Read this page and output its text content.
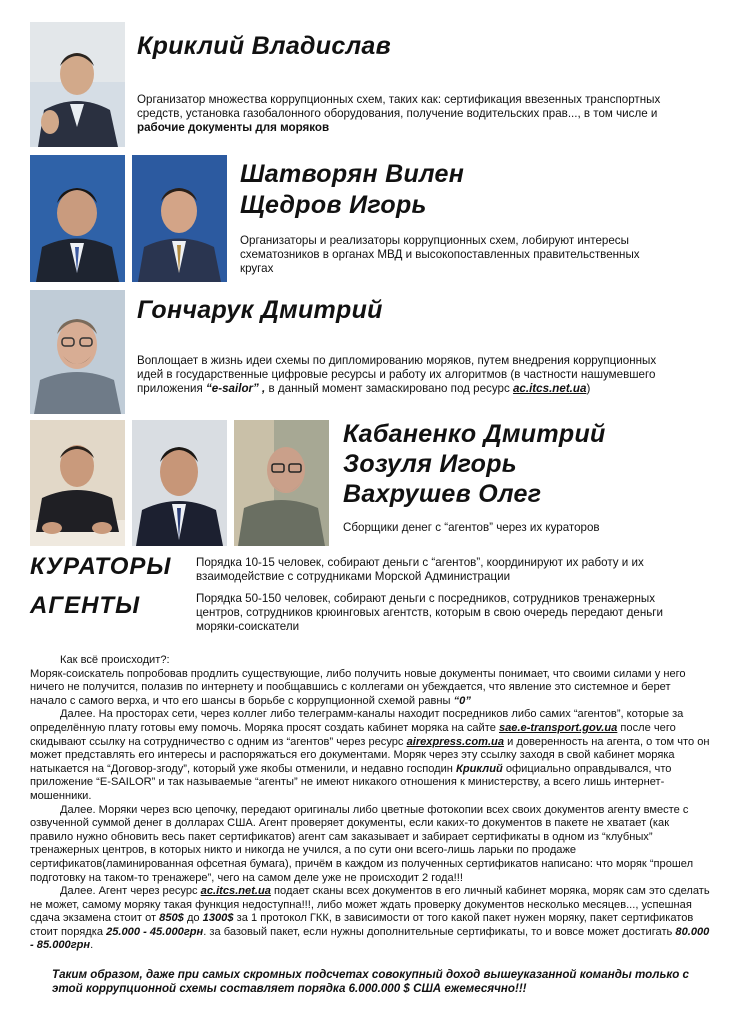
Криклий Владислав
Организатор множества коррупционных схем, таких как: сертификация ввезенных транспортных средств, установка газобалонного оборудования, получение водительских прав..., в том числе и рабочие документы для моряков
Шатворян Вилен
Щедров Игорь
Организаторы и реализаторы коррупционных схем, лобируют интересы схематозников в органах МВД и высокопоставленных правительственных кругах
Гончарук Дмитрий
Воплощает в жизнь идеи схемы по дипломированию моряков, путем внедрения коррупционных идей в государственные цифровые ресурсы и работу их алгоритмов (в частности нашумевшего приложения “e-sailor” , в данный момент замаскировано под ресурс ac.itcs.net.ua)
Кабаненко Дмитрий
Зозуля Игорь
Вахрушев Олег
Сборщики денег с “агентов” через их кураторов
КУРАТОРЫ Порядка 10-15 человек, собирают деньги с “агентов”, координируют их работу и их взаимодействие с сотрудниками Морской Администрации
АГЕНТЫ	Порядка 50-150 человек, собирают деньги с посредников, сотрудников тренажерных центров, сотрудников крюинговых агентств, которым в свою очередь передают деньги моряки-соискатели

Как всё происходит?:

Моряк-соискатель попробовав продлить существующие, либо получить новые документы понимает, что своими силами у него ничего не получится, полазив по интернету и пообщавшись с коллегами он убеждается, что явление это системное и берет начало с самого верха, и что его шансы в борьбе с коррупционной схемой равны “0”

Далее. На просторах сети, через коллег либо телеграмм-каналы находит посредников либо самих “агентов”, которые за определённую плату готовы ему помочь. Моряка просят создать кабинет моряка на сайте sae.e-transport.gov.ua после чего скидывают ссылку на сотрудничество с одним из “агентов” через ресурс airexpress.com.ua и доверенность на агента, о том что он может представлять его интересы и распоряжаться его документами. Моряк через эту ссылку заходя в свой кабинет моряка натыкается на “Договор-згоду”, который уже якобы отменили, и недавно господин Криклий официально оправдывался, что приложение “E-SAILOR” и так называемые “агенты” не имеют никакого отношения к министерству, а всего лишь интернет-мошенники.

Далее. Моряки через всю цепочку, передают оригиналы либо цветные фотокопии всех своих документов агенту вместе с озвученной суммой денег в долларах США. Агент проверяет документы, если каких-то документов в пакете не хватает (как правило нужно обновить весь пакет сертификатов) агент сам заказывает и забирает сертификаты в одном из “клубных” тренажерных центров, в которых никто и никогда не учился, а по сути они всего-лишь ларьки по продаже сертификатов(ламинированная офсетная бумага), причём в каждом из полученных сертификатов написано: что моряк “прошел подготовку на таком-то тренажере”, чего на самом деле уже не происходит 2 года!!!

Далее. Агент через ресурс ac.itcs.net.ua подает сканы всех документов в его личный кабинет моряка, моряк сам это сделать не может, самому моряку такая функция недоступна!!!, либо может ждать проверку документов несколько месяцев..., успешная сдача экзамена стоит от 850$ до 1300$ за 1 протокол ГКК, в зависимости от того какой пакет нужен моряку, пакет сертификатов стоит порядка 25.000 - 45.000грн. за базовый пакет, если нужны дополнительные сертификаты, то и вовсе может достигать 80.000 - 85.000грн.

Таким образом, даже при самых скромных подсчетах совокупный доход вышеуказанной команды только с этой коррупционной схемы составляет порядка 6.000.000 $ США ежемесячно!!!
